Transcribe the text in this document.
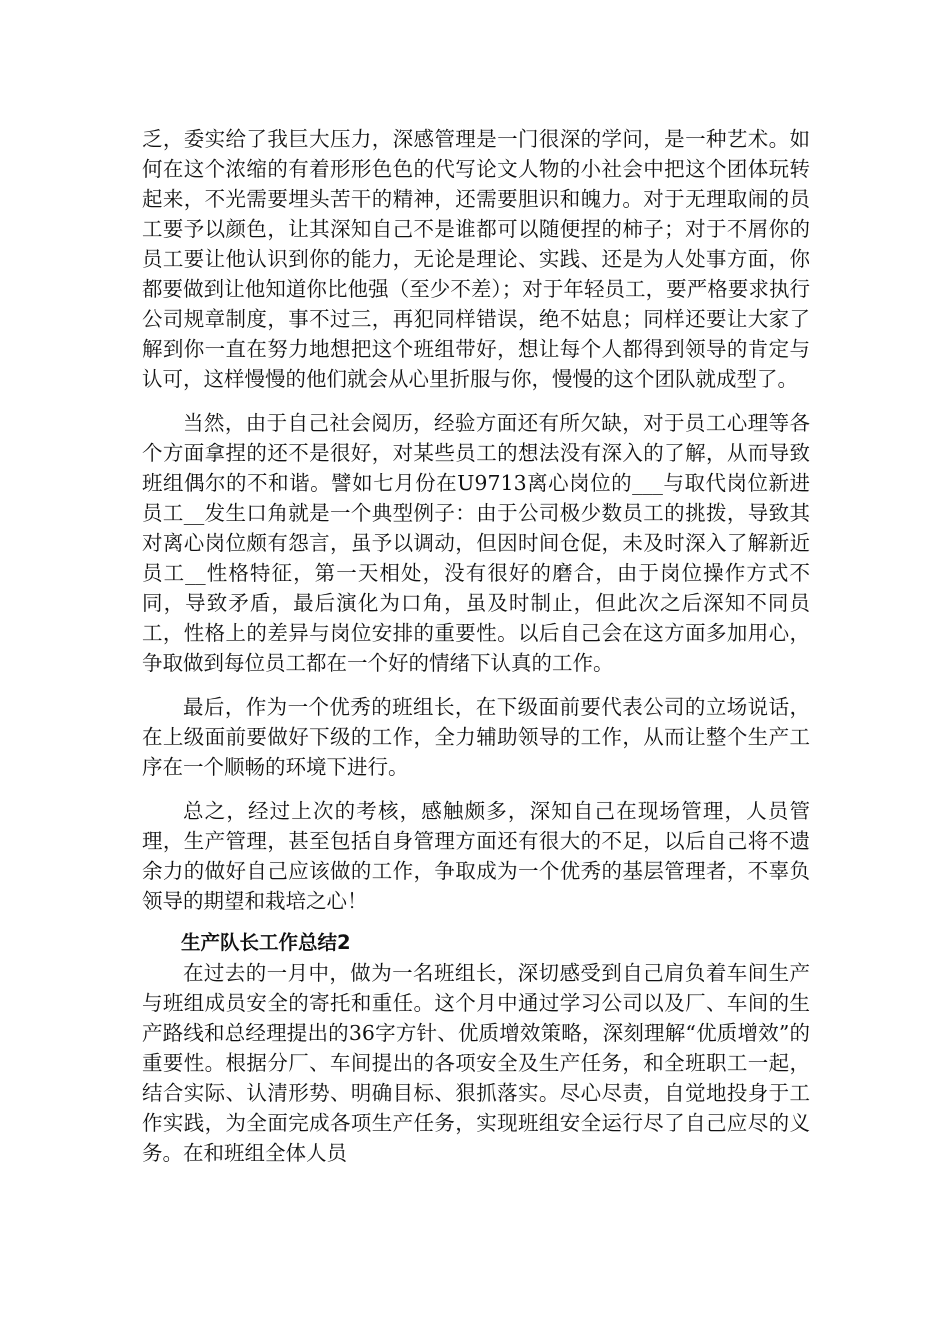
乏，委实给了我巨大压力，深感管理是一门很深的学问，是一种艺术。如何在这个浓缩的有着形形色色的代写论文人物的小社会中把这个团体玩转起来，不光需要埋头苦干的精神，还需要胆识和魄力。对于无理取闹的员工要予以颜色，让其深知自己不是谁都可以随便捏的柿子；对于不屑你的员工要让他认识到你的能力，无论是理论、实践、还是为人处事方面，你都要做到让他知道你比他强（至少不差）；对于年轻员工，要严格要求执行公司规章制度，事不过三，再犯同样错误，绝不姑息；同样还要让大家了解到你一直在努力地想把这个班组带好，想让每个人都得到领导的肯定与认可，这样慢慢的他们就会从心里折服与你，慢慢的这个团队就成型了。

当然，由于自己社会阅历，经验方面还有所欠缺，对于员工心理等各个方面拿捏的还不是很好，对某些员工的想法没有深入的了解，从而导致班组偶尔的不和谐。譬如七月份在U9713离心岗位的___与取代岗位新进员工__发生口角就是一个典型例子：由于公司极少数员工的挑拨，导致其对离心岗位颇有怨言，虽予以调动，但因时间仓促，未及时深入了解新近员工__性格特征，第一天相处，没有很好的磨合，由于岗位操作方式不同，导致矛盾，最后演化为口角，虽及时制止，但此次之后深知不同员工，性格上的差异与岗位安排的重要性。以后自己会在这方面多加用心，争取做到每位员工都在一个好的情绪下认真的工作。

最后，作为一个优秀的班组长，在下级面前要代表公司的立场说话，在上级面前要做好下级的工作，全力辅助领导的工作，从而让整个生产工序在一个顺畅的环境下进行。

总之，经过上次的考核，感触颇多，深知自己在现场管理，人员管理，生产管理，甚至包括自身管理方面还有很大的不足，以后自己将不遗余力的做好自己应该做的工作，争取成为一个优秀的基层管理者，不辜负领导的期望和栽培之心！

生产队长工作总结2

在过去的一月中，做为一名班组长，深切感受到自己肩负着车间生产与班组成员安全的寄托和重任。这个月中通过学习公司以及厂、车间的生产路线和总经理提出的36字方针、优质增效策略，深刻理解“优质增效”的重要性。根据分厂、车间提出的各项安全及生产任务，和全班职工一起，结合实际、认清形势、明确目标、狠抓落实。尽心尽责，自觉地投身于工作实践，为全面完成各项生产任务，实现班组安全运行尽了自己应尽的义务。在和班组全体人员
